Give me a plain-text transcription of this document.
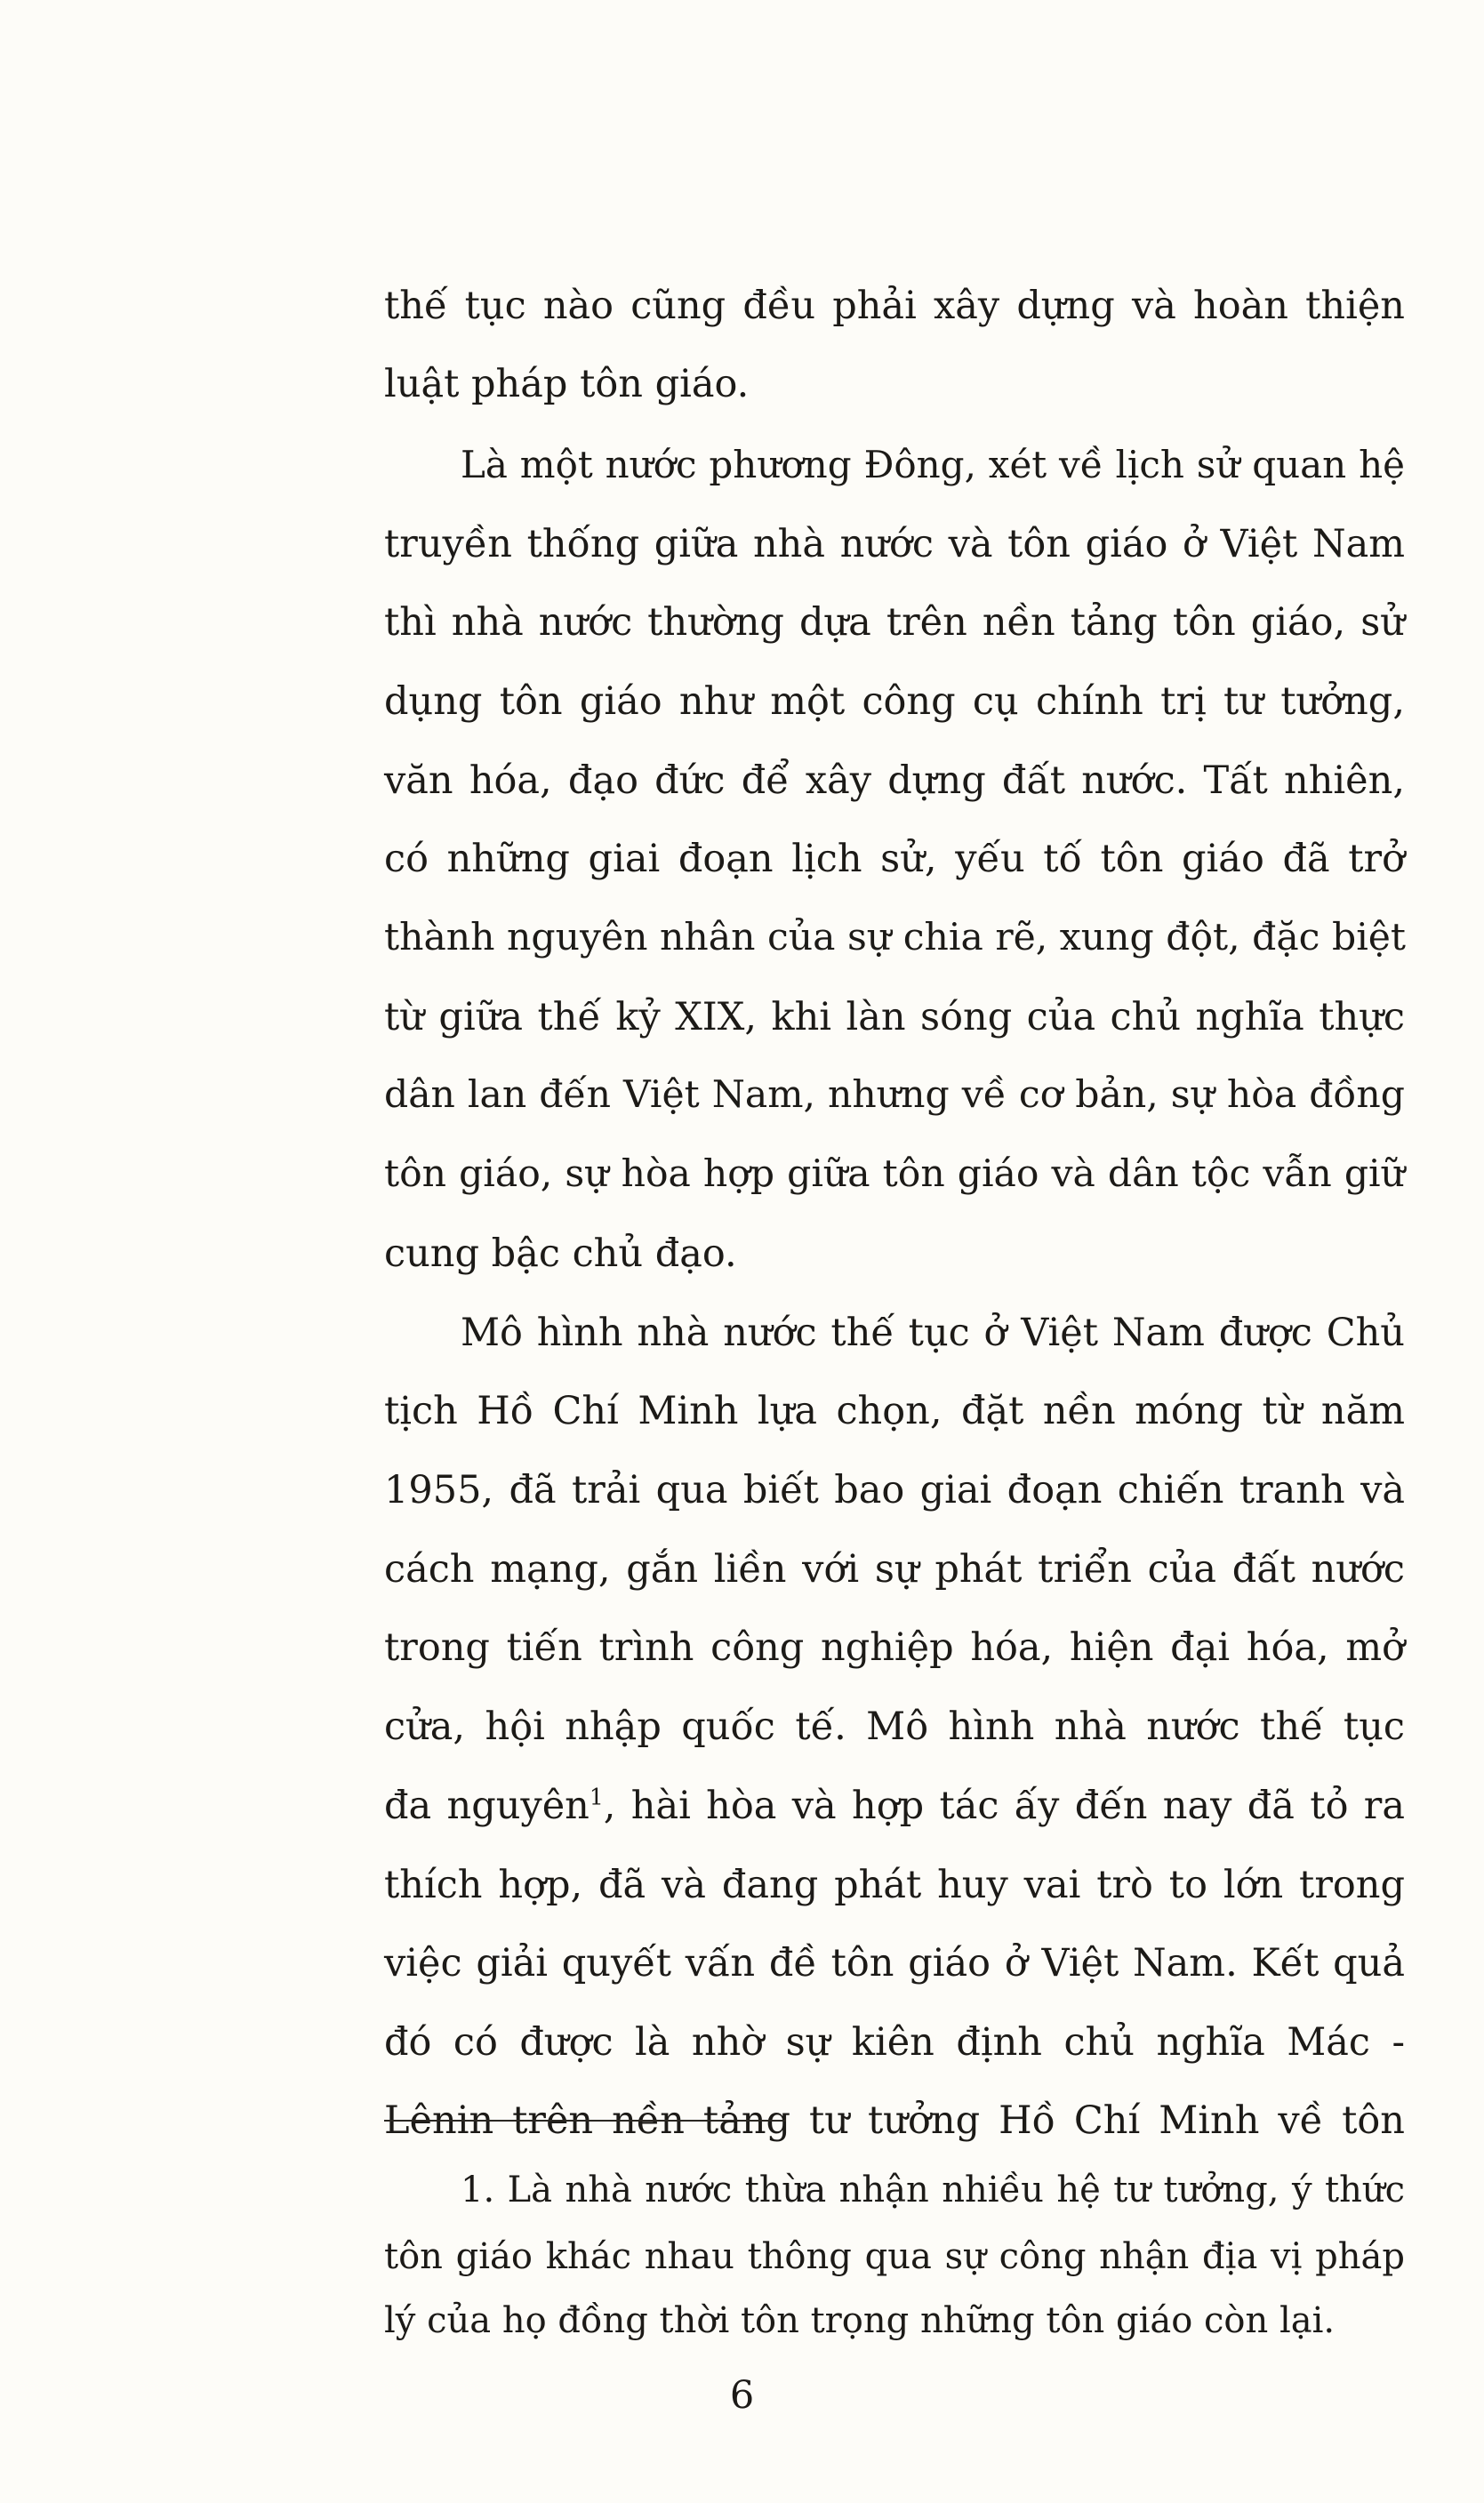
thế tục nào cũng đều phải xây dựng và hoàn thiện
luật pháp tôn giáo.
Là một nước phương Đông, xét về lịch sử quan hệ
truyền thống giữa nhà nước và tôn giáo ở Việt Nam
thì nhà nước thường dựa trên nền tảng tôn giáo, sử
dụng tôn giáo như một công cụ chính trị tư tưởng,
văn hóa, đạo đức để xây dựng đất nước. Tất nhiên,
có những giai đoạn lịch sử, yếu tố tôn giáo đã trở
thành nguyên nhân của sự chia rẽ, xung đột, đặc biệt
từ giữa thế kỷ XIX, khi làn sóng của chủ nghĩa thực
dân lan đến Việt Nam, nhưng về cơ bản, sự hòa đồng
tôn giáo, sự hòa hợp giữa tôn giáo và dân tộc vẫn giữ
cung bậc chủ đạo.
Mô hình nhà nước thế tục ở Việt Nam được Chủ
tịch Hồ Chí Minh lựa chọn, đặt nền móng từ năm
1955, đã trải qua biết bao giai đoạn chiến tranh và
cách mạng, gắn liền với sự phát triển của đất nước
trong tiến trình công nghiệp hóa, hiện đại hóa, mở
cửa, hội nhập quốc tế. Mô hình nhà nước thế tục
đa nguyên$^1$, hài hòa và hợp tác ấy đến nay đã tỏ ra
thích hợp, đã và đang phát huy vai trò to lớn trong
việc giải quyết vấn đề tôn giáo ở Việt Nam. Kết quả
đó có được là nhờ sự kiên định chủ nghĩa Mác -
Lênin trên nền tảng tư tưởng Hồ Chí Minh về tôn
1. Là nhà nước thừa nhận nhiều hệ tư tưởng, ý thức
tôn giáo khác nhau thông qua sự công nhận địa vị pháp
lý của họ đồng thời tôn trọng những tôn giáo còn lại.
6
